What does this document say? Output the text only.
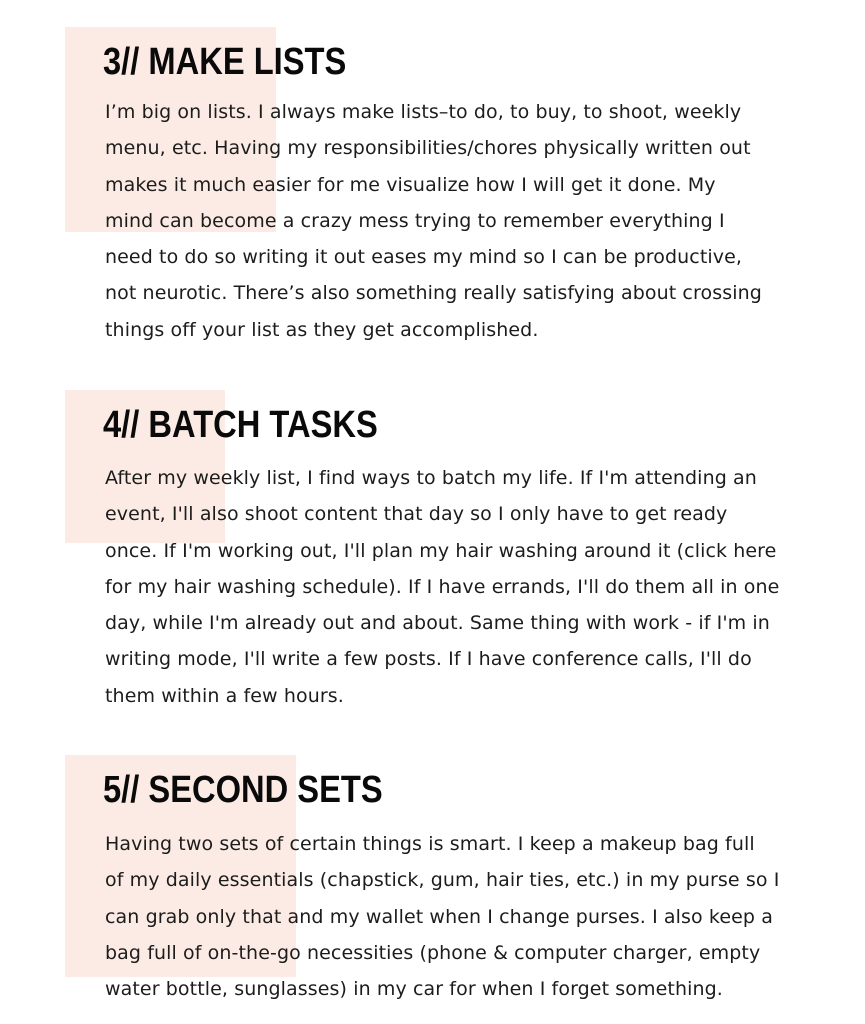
3// MAKE LISTS

I’m big on lists. I always make lists–to do, to buy, to shoot, weekly
menu, etc. Having my responsibilities/chores physically written out
makes it much easier for me visualize how I will get it done. My
mind can become a crazy mess trying to remember everything I
need to do so writing it out eases my mind so I can be productive,
not neurotic. There’s also something really satisfying about crossing
things off your list as they get accomplished.

4// BATCH TASKS

After my weekly list, I find ways to batch my life. If I'm attending an
event, I'll also shoot content that day so I only have to get ready
once. If I'm working out, I'll plan my hair washing around it (click here
for my hair washing schedule). If I have errands, I'll do them all in one
day, while I'm already out and about. Same thing with work - if I'm in
writing mode, I'll write a few posts. If I have conference calls, I'll do
them within a few hours.

5// SECOND SETS

Having two sets of certain things is smart. I keep a makeup bag full
of my daily essentials (chapstick, gum, hair ties, etc.) in my purse so I
can grab only that and my wallet when I change purses. I also keep a
bag full of on-the-go necessities (phone & computer charger, empty
water bottle, sunglasses) in my car for when I forget something.
